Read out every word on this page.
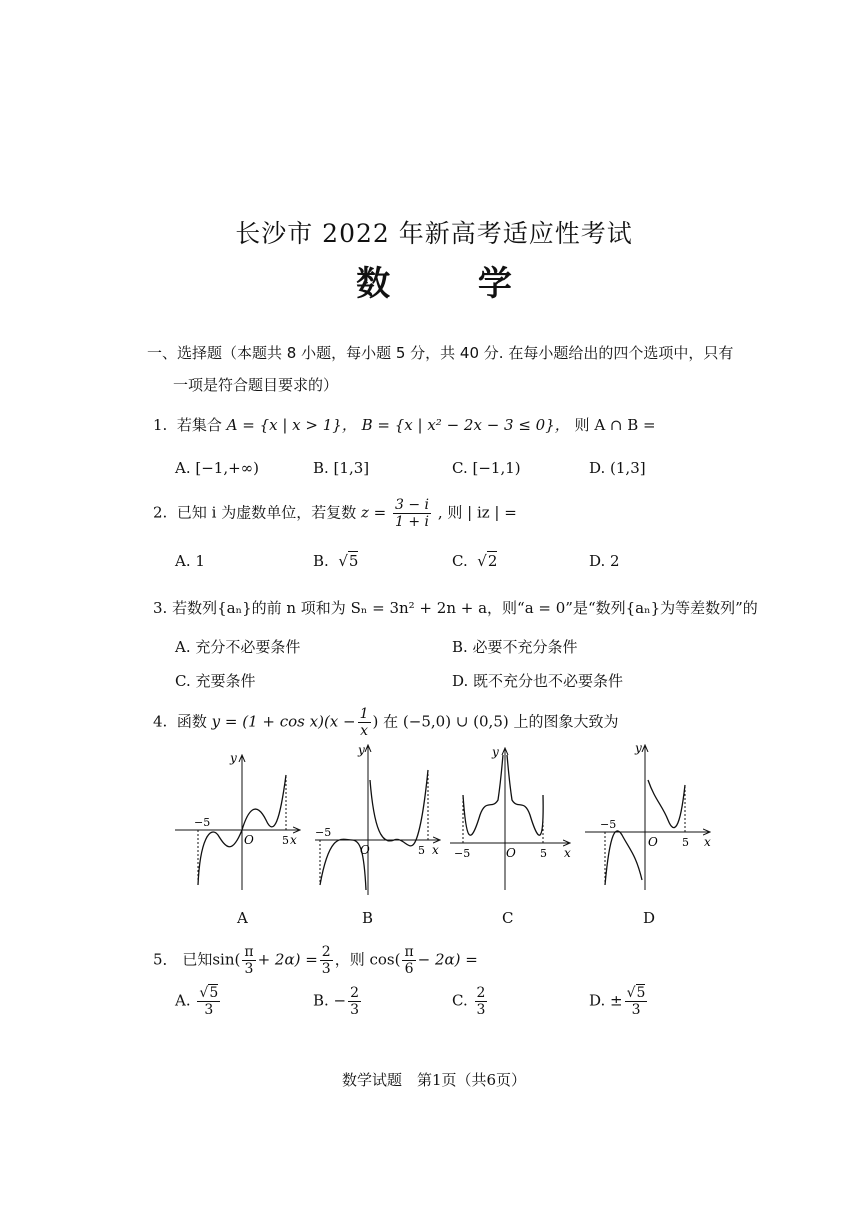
长沙市 2022 年新高考适应性考试
数 学
一、选择题（本题共 8 小题，每小题 5 分，共 40 分. 在每小题给出的四个选项中，只有
一项是符合题目要求的）
1. 若集合 A = {x | x > 1}， B = {x | x² − 2x − 3 ≤ 0}， 则 A ∩ B =
A. [−1,+∞)	B. [1,3]	C. [−1,1)	D. (1,3]
2. 已知 i 为虚数单位，若复数 $z = \frac{3 - i}{1 + i}$ , 则 | iz | =
A. 1	B.  √5	C.  √2	D. 2
3. 若数列{aₙ}的前 n 项和为 Sₙ = 3n² + 2n + a，则“a = 0”是“数列{aₙ}为等差数列”的
A. 充分不必要条件	B. 必要不充分条件
C. 充要条件	D. 既不充分也不必要条件
4. 函数 $y = (1 + \cos x)(x - \frac{1}{x}$ ) 在 (−5,0) ∪ (0,5) 上的图象大致为
y
x
O
−5
5
y
x
O
−5
5
y
x
O
−5	5
y
x
O
−5
5
A	B	C	D
5． 已知$\sin( \frac{\pi}{3} + 2\alpha) = \frac{2}{3}$ ，则 $\cos( \frac{\pi}{6} - 2\alpha)$ =
A. $\frac{√5}{3}$	B. − $\frac{2}{3}$	C. $\frac{2}{3}$	D. ± $\frac{√5}{3}$
数学试题　第1页（共6页）
